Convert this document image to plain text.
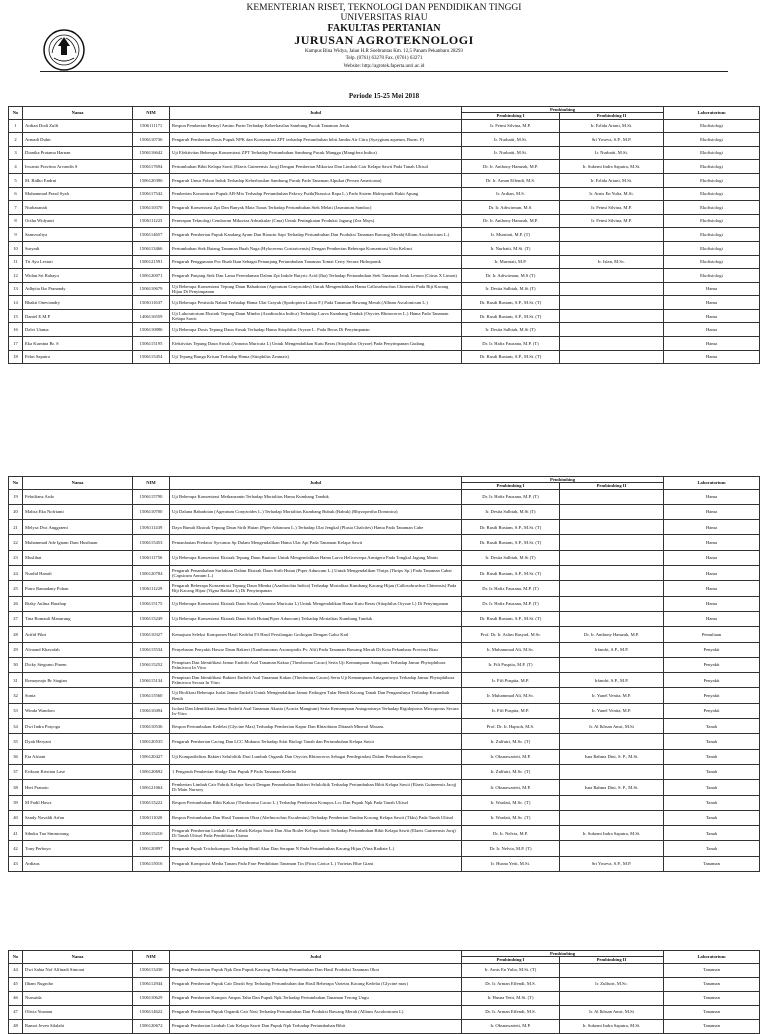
KEMENTERIAN RISET, TEKNOLOGI DAN PENDIDIKAN TINGGI
UNIVERSITAS RIAU
FAKULTAS PERTANIAN
JURUSAN AGROTEKNOLOGI
Kampus Bina Widya, Jalan H.R Soebrantas Km. 12,5 Panam Pekanbaru 28293
Telp. (0761) 63270 Fax. (0761) 63271
Website: http://agrotek.faperta.unri.ac.id
Periode 15-25 Mei 2018
No	Nama	NIM	Judul	Pembimbing		Laboratorium
				Pembimbing I	Pembimbing II	
1	Ardian Dodi Zulfi	1506111171	Respon Pemberian Benzyl Amino Purin Terhadap Keberhasilan Sambung Pucuk Tanaman Jeruk	Ir. Fetmi Silvina, M.P.	Ir. Erlida Ariani, M.Si.	Ekofisiologi
2	Armadi Duhir	1506110736	Pengaruh Pemberian Dosis Pupuk NPK dan Konsentrasi ZPT terhadap Pertumbuhan bibit Jambu Air Citra (Syzygium aqueum. Burm. F)	Ir. Nurbaiti, M.Si.	Sri Yoseva, S.P., M.P.	Ekofisiologi
3	Dianika Pratama Harnan	1506116642	Uji Efektivitas Beberapa Konsentrasi ZPT Terhadap Pertumbuhan Sambung Pucuk Mangga (Mangifera Indica)	Ir. Nurbaiti, M.Si.	Ir. Nurbaiti, M.Si.	Ekofisiologi
4	Irwanto Pravitno Arvandis S	1506117694	Pertumbuhan Bibit Kelapa Sawit (Elaeis Guineensis Jacq) Dengan Pemberian Mikoriza Dan Limbah Cair Kelapa Sawit Pada Tanah Ultisol	Dr. Ir. Anthony Hamzah, M.P.	Ir. Sukemi Indra Saputra, M.Si.	Ekofisiologi
5	M. Ridho Endrni	1506120396	Pengaruh Umur Pohon Induk Terhadap Keberhasilan Sambung Pucuk Pada Tanaman Alpukat (Persea Americana)	Dr. Ir. Arnan Effendi, M.S.	Ir. Erlida Ariani, M.Si.	Ekofisiologi
6	Muhammad Prasd Syah	1506117542	Pemberian Konsentrasi Pupuk AB-Mix Terhadap Pertumbuhan Pakcoy Putih(Brassica Rapa L.) Pada Sistem Hidroponik Rakit Apung	Ir. Ardian, M.S.	Ir. Arnis En Yulia, M.Si.	Ekofisiologi
7	Nurhasanah	1506110370	Pengaruh Konsentrasi Zpt Dan Banyak Mata Tunas Terhadap Pertumbuhan Stek Melati (Jasminum Sambac)	Dr. Ir. Adiwirman, M.S.	Ir. Fetmi Silvina, M.P.	Ekofisiologi
8	Octha Widyanti	1506111223	Penerapan Teknologi Cendawan Mikoriza Arbuskular (Cma) Untuk Peningkatan Produksi Jagung (Zea Mays)	Dr. Ir. Anthony Hamzah, M.P.	Ir. Fetmi Silvina, M.P.	Ekofisiologi
9	Samswaliya	1506114657	Pengaruh Pemberian Pupuk Kandang Ayam Dan Biourin Sapi Terhadap Pertumbuhan Dan Produksi Tanaman Bawang Merah(Allium Ascalonicum L.)	Ir. Murniati, M.P. (T)		Ekofisiologi
10	Suryadi	1506113466	Pertumbuhan Stek Batang Tanaman Buah Naga (Hylocereus Costaricensis) Dengan Pemberian Beberapa Konsentrasi Urin Kelinci	Ir. Nurbaiti, M.Si. (T)		Ekofisiologi
11	Tri Ayu Lestari	1506121591	Pengaruh Penggunaan Poc Buah Ikan Sebagai Penunjang Pertumbuhan Tanaman Tomat Cerry Secara Hidroponik	Ir. Murniati, M.P.	Ir. Islan, M.Sc.	Ekofisiologi
12	Widan Sri Rahayu	1506120071	Pengaruh Panjang Stek Dan Lama Perendaman Dalam Zpt Indole Butyric Acid (Iba) Terhadap Pertumbuhan Stek Tanaman Jeruk Lemon (Citrus X Limon)	Dr. Ir. Adiwirman, M.S (T)		Ekofisiologi
13	Adhytia Iko Pranandy	1506110679	Uji Beberapa Konsentrasi Tepung Daun Babadotan (Ageratum Conyzoides) Untuk Mengendalikan Hama Callosobruchus Chinensis Pada Biji Kacang Hijau Di Penyimpanan	Ir. Desita Salbiah, M.Si (T)		Hama
14	Bhakti Oneviandry	1506111637	Uji Beberapa Pestisida Nabati Terhadap Hama Ulat Grayak (Spodoptera Litura F.) Pada Tanaman Bawang Merah (Allium Ascalonicum L.)	Dr. Rusdi Rustam, S.P., M.Si. (T)		Hama
15	Daniel E.M.P	1406116559	Uji Laboratorium Ekstrak Tepung Daun Mimba (Azadirachta Indica) Terhadap Larva Kumbang Tanduk (Oryctes Rhinoceros L.) Hama Pada Tanaman Kelapa Sawit	Dr. Rusdi Rustam, S.P., M.Si. (T)		Hama
16	Dalvi Utama	1506110886	Uji Beberapa Dosis Tepung Daun Sirsak Terhadap Hama Sitophilus Oryzae L. Pada Beras Di Penyimpanan	Ir. Desita Salbiah, M.Si (T)		Hama
17	Eka Kurnina Br. S	1506115195	Efektivitas Tepung Daun Sirsak (Annona Muricata L) Untuk Mengendalikan Kutu Beras (Sitophilus Oryzae) Pada Penyimpanan Gudang	Dr. Ir. Hafiz Fauzana, M.P. (T)		Hama
18	Febri Saputra	1506115454	Uji Tepung Bunga Krisan Terhadap Hama (Sitophilus Zeamais)	Dr. Rusdi Rustam, S.P., M.Si. (T)		Hama
No	Nama	NIM	Judul	Pembimbing		Laboratorium
				Pembimbing I	Pembimbing II	
19	Febrilianz Arda	1506115790	Uji Beberapa Konsentrasi Methanzanin Terhadap Mortalitas Hama Kumbang Tanduk	Dr. Ir. Hafiz Fauzana, M.P. (T)		Hama
20	Malisa Eka Nofrianti	1506110700	Uji Daluna Babadotan (Ageratum Conyzoides L.) Terhadap Mortalitas Kumbang Bubuk (Babuk) (Rhyzopertha Dominica)	Ir. Desita Salbiah, M.Si (T)		Hama
21	Melysa Dwi Anggraeni	1506111439	Daya Bunuh Ekstrak Tepung Daun Sirih Hutan (Piper Aduncum L.) Terhadap Ulat Jengkal (Plusia Chalcites) Hama Pada Tanaman Cabe	Dr. Rusdi Rustam, S.P., M.Si. (T)		Hama
22	Muhammad Ade Ignam Dani Husibuan	1506115453	Pemanfaatan Predator Syrcanus Sp Dalam Mengendalikan Hama Ulat Api Pada Tanaman Kelapa Sawit	Dr. Rusdi Rustam, S.P., M.Si. (T)		Hama
23	Muslihat	1506111756	Uji Beberapa Konsentrasi Ekstrak Tepung Daun Buntaro Untuk Mengendalikan Hama Larva Helicoverpa Armigera Pada Tongkol Jagung Manis	Ir. Desita Salbiah, M.Si (T)		Hama
24	Nurdid Hanafi	1506120784	Pengaruh Penambahan Surfaktan Dalam Ekstrak Daun Sirih Hutan (Piper Aduncum L.) Untuk Mengendalikan Thrips (Thrips Sp.) Pada Tanaman Cabai (Capsicum Annum L.)	Dr. Rusdi Rustam, S.P., M.Si. (T)		Hama
25	Putro Ramadany Pohan	1506111229	Pengaruh Beberapa Konsentrasi Tepung Daun Mimba (Azadirachta Indica) Terhadap Mortalitas Kumbang Kacang Hijau (Callosobruchus Chinensis) Pada Biji Kacang Hijau (Vigna Radiata L) Di Penyimpanan	Dr. Ir. Hafiz Fauzana, M.P. (T)		Hama
26	Rizky Aulina Harahap	1506115175	Uji Beberapa Konsentrasi Ekstrak Daun Sirsak (Annona Muricata L) Untuk Mengendalikan Hama Kutu Beras (Sitophilus Oryzae L) Di Penyimpanan	Dr. Ir. Hafiz Fauzana, M.P. (T)		Hama
27	Tina Romauli Manurung	1506115249	Uji Beberapa Konsentrasi Ekstrak Daun Sirih Hutan(Piper Aduncum) Terhadap Mortalitas Kumbang Tanduk	Dr. Rusdi Rustam, S.P., M.Si. (T)		Hama
28	Arifid Pikri	1506110327	Kemajuan Seleksi Komponen Hasil Kedelai F3 Hasil Persilangan Grobogan Dengan Galur Kral	Prof. Dr. Ir. Aslim Rasyad, M.Sc	Dr. Ir. Anthony Hamzah, M.P.	Pemuliaan
29	Alvaand Khavafah	1506115534	Penyebaran Penyakit Hawar Daun Bakteri (Xanthomonas Axonopodis Pv. Alii) Pada Tanaman Bawang Merah Di Kota Pekanbaru Provinsi Riau	Ir. Muhammad Ali, M.Sc.	Irfandri, S.P., M.P.	Penyakit
30	Dicky Stegrano Pinem	1506115252	Penapisan Dan Identifikasi Jamur Endofit Asal Tanaman Kakao (Theobroma Cacao) Serta Uji Kemampuan Antagonis Terhadap Jamur Phytophthora Palmivora In Vitro	Ir. Fifi Puspita, M.P. (T)		Penyakit
31	Romaynajo Br Siagian	1506115134	Penapisan Dan Identifikasi Bakteri Endofit Asal Tanaman Kakao (Theobroma Cacao) Serta Uji Kemampuan Antagonisnya Terhadap Jamur Phytophthora Palmivora Secara In Vitro	Ir. Fifi Puspita, M.P.	Irfandri, S.P., M.P.	Penyakit
32	Sonia	1506115560	Uji Biofikasi Beberapa Isolat Jamur Endofit Untuk Mengendalikan Jamur Pathogen Tular Benih Kacang Tanah Dan Pengaruhnya Terhadap Kecambah Benih	Ir. Muhammad Ali, M.Sc.	Ir. Yunel Venita, M.P.	Penyakit
33	Winda Wandoro	1506110494	Isolasi Dan Identifikasi Jamur Endofit Asal Tanaman Akasia (Acacia Mangium) Serta Kemampuan Antagonisnya Terhadap Rigidoporus Microporus Secara In-Vitro	Ir. Fifi Puspita, M.P.	Ir. Yunel Venita, M.P.	Penyakit
34	Dwi Indra Prayoga	1506110536	Respon Pertumbuhan Kedelai (Glycine Max) Terhadap Pemberian Kapur Dan Rhizobium Ditanah Mineral Masam.	Prof. Dr. Ir. Hapsoh, M.S.	Ir. Al Ikhsan Amri, M.Si	Tanah
35	Dyah Heryani	1506120535	Pengaruh Pemberian Cacing Dan LCC Mukuna Terhadap Sifat Biologi Tanah dan Pertumbuhan Kelapa Sawit	Ir. Zulfutri, M.Sc. (T)		Tanah
36	Eta Afriani	1506120427	Uji Kompatibilitas Bakteri Selulolitik Dari Lumbuh Organik Dan Oryctes Rhinoceros Sebagai Pendegradasi Dalam Pembuatan Kompos	Ir. Oksnawarteti, M.P.	Isna Rahma Dini, S. P., M.Si.	Tanah
37	Erikson Kristian Lase	1506120692	1 Pengaruh Pemberian Sludge Dan Pupuk P Pada Tanaman Kedelai	Ir. Zulfutri, M.Sc. (T)		Tanah
38	Heri Pranoto	1506121064	Pemberian Limbah Cair Pabrik Kelapa Sawit Dengan Penambahan Bakteri Selulolitik Terhadap Pertumbuhan Bibit Kelapa Sawit (Elaeis Guineensis Jacq) Di Main Nursery	Ir. Oksnawarteti, M.P.	Isna Rahma Dini, S. P., M.Si.	Tanah
39	M Fadil Hawz	1506115222	Respon Pertumbuhan Bibit Kakao (Theobroma Cacao L.) Terhadap Pemberian Kompos Lcc Dan Pupuk Npk Pada Tanah Ultisol	Ir. Wardati, M.Sc. (T)		Tanah
40	Sandy Novaldi Arfan	1506111020	Respon Pertumbuhan Dan Hasil Tanaman Okra (Abelmoschus Esculentus) Terhadap Pemberian Tandan Kosong Kelapa Sawit (Tkks) Pada Tanah Ultisol	Ir. Wardati, M.Sc. (T)		Tanah
41	Sibuku Tua Simmorang	1506115210	Pengaruh Pemberian Limbah Cair Pabrik Kelapa Sawit Dan Abu Boiler Kelapa Sawit Terhadap Pertumbuhan Bibit Kelapa Sawit (Elaeis Guineensis Jacq) Di Tanah Ultisol Pada Pembibitan Utama	Dr. Ir. Nelvia, M.P.	Ir. Sukemi Indra Saputra, M.Si.	Tanah
42	Tony Perboyo	1506120897	Pengaruh Pupuk Trichokompos Terhadap Bintil Akar Dan Serapan N Pada Pertumbuhan Kacang Hijau (Vina Radiate L.)	Dr. Ir. Nelvia, M.P. (T)		Tanah
43	Ardiaus	1506115016	Pengaruh Komposisi Media Tanam Pada Fase Pembibitan Tanaman Tin (Ficus Carica L.) Varietas Blue Giant	Ir. Husna Yetti, M.Si.	Sri Yoseva, S.P., M.P.	Tanaman
No	Nama	NIM	Judul	Pembimbing		Laboratorium
				Pembimbing I	Pembimbing II	
44	Dwi Sahta Nof Alfinadi Simorai	1506113430	Pengaruh Pemberian Pupuk Npk Dan Pupuk Kascing Terhadap Pertumbuhan Dan Hasil Produksi Tanaman Okra	Ir. Arnis En Yulia, M.Si. (T)		Tanaman
45	Ilham Nugroho	1506112944	Pengaruh Pemberian Pupuk Cair Dazsh Sep Terhadap Pertumbuhan dan Hasil Beberapa Varietas Kacang Kedelai (Glycine max)	Dr. Ir. Arman Effendi, M.S.	Ir. Zulfutri, M.Sc.	Tanaman
46	Nursaida	1506110629	Pengaruh Pemberian Kompos Ampas Tahu Dan Pupuk Npk Terhadap Pertumbuhan Tanaman Terong Ungu	Ir. Husna Yetti, M.Si. (T)		Tanaman
47	Olivia Yusman	1506114622	Pengaruh Pemberian Pupuk Organik Cair Nasi Terhadap Pertumbuhan Dan Produksi Bawang Merah (Allium Ascalonicum L)	Dr. Ir. Arman Effendi, M.S.	Ir. Al Ikhsan Amri, M.Si	Tanaman
48	Ramot Jeven Silalahi	1506120672	Pengaruh Pemberian Limbah Cair Kelapa Sawit Dan Pupuk Npk Terhadap Pertumbuhan Bibit	Ir. Oksnawarteti, M.P.	Ir. Sukemi Indra Saputra, M.Si.	Tanaman
